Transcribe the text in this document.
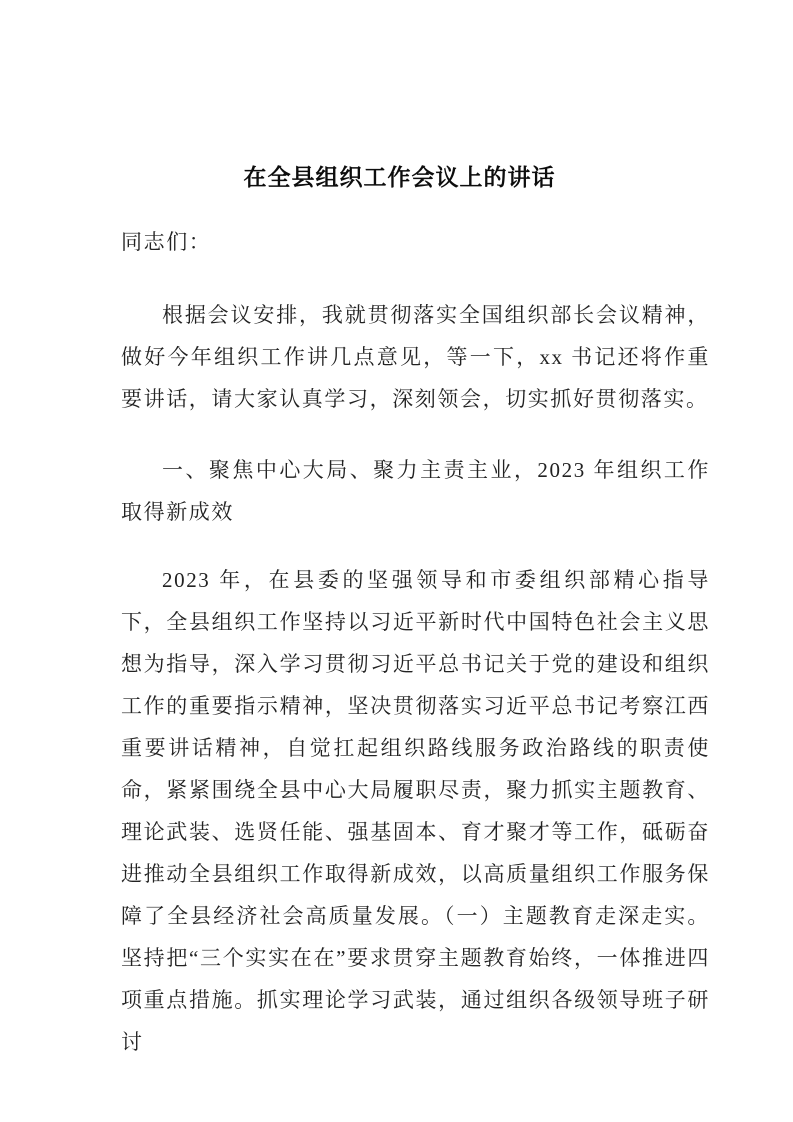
在全县组织工作会议上的讲话
同志们：
根据会议安排，我就贯彻落实全国组织部长会议精神，做好今年组织工作讲几点意见，等一下，xx 书记还将作重要讲话，请大家认真学习，深刻领会，切实抓好贯彻落实。
一、聚焦中心大局、聚力主责主业，2023 年组织工作取得新成效
2023 年，在县委的坚强领导和市委组织部精心指导下，全县组织工作坚持以习近平新时代中国特色社会主义思想为指导，深入学习贯彻习近平总书记关于党的建设和组织工作的重要指示精神，坚决贯彻落实习近平总书记考察江西重要讲话精神，自觉扛起组织路线服务政治路线的职责使命，紧紧围绕全县中心大局履职尽责，聚力抓实主题教育、理论武装、选贤任能、强基固本、育才聚才等工作，砥砺奋进推动全县组织工作取得新成效，以高质量组织工作服务保障了全县经济社会高质量发展。（一）主题教育走深走实。坚持把“三个实实在在”要求贯穿主题教育始终，一体推进四项重点措施。抓实理论学习武装，通过组织各级领导班子研讨
